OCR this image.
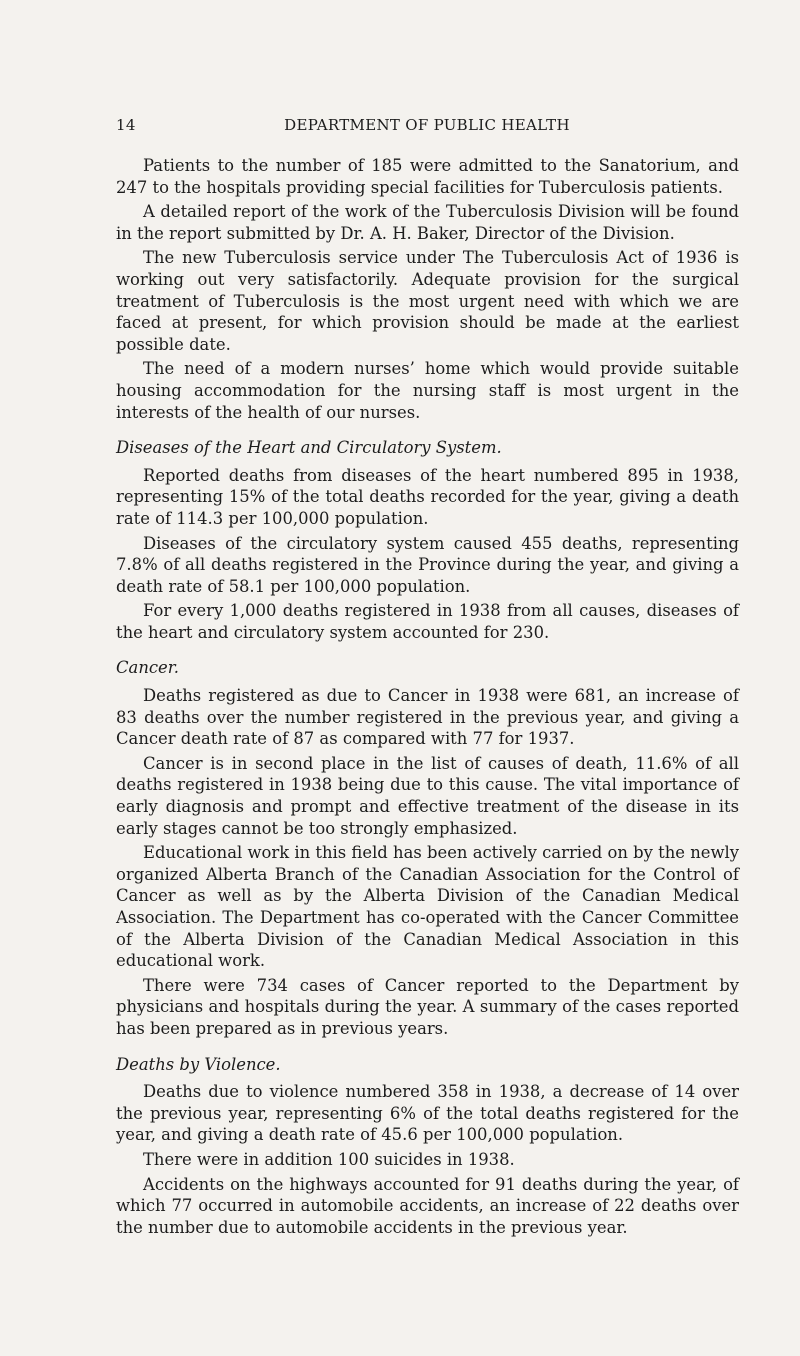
14	DEPARTMENT OF PUBLIC HEALTH

Patients to the number of 185 were admitted to the Sanatorium, and 247 to the hospitals providing special facilities for Tuberculosis patients.

A detailed report of the work of the Tuberculosis Division will be found in the report submitted by Dr. A. H. Baker, Director of the Division.

The new Tuberculosis service under The Tuberculosis Act of 1936 is working out very satisfactorily. Adequate provision for the surgical treatment of Tuberculosis is the most urgent need with which we are faced at present, for which provision should be made at the earliest possible date.

The need of a modern nurses’ home which would provide suitable housing accommodation for the nursing staff is most urgent in the interests of the health of our nurses.

Diseases of the Heart and Circulatory System.

Reported deaths from diseases of the heart numbered 895 in 1938, representing 15% of the total deaths recorded for the year, giving a death rate of 114.3 per 100,000 population.

Diseases of the circulatory system caused 455 deaths, representing 7.8% of all deaths registered in the Province during the year, and giving a death rate of 58.1 per 100,000 population.

For every 1,000 deaths registered in 1938 from all causes, diseases of the heart and circulatory system accounted for 230.

Cancer.

Deaths registered as due to Cancer in 1938 were 681, an increase of 83 deaths over the number registered in the previous year, and giving a Cancer death rate of 87 as compared with 77 for 1937.

Cancer is in second place in the list of causes of death, 11.6% of all deaths registered in 1938 being due to this cause. The vital importance of early diagnosis and prompt and effective treatment of the disease in its early stages cannot be too strongly emphasized.

Educational work in this field has been actively carried on by the newly organized Alberta Branch of the Canadian Association for the Control of Cancer as well as by the Alberta Division of the Canadian Medical Association. The Department has co-operated with the Cancer Committee of the Alberta Division of the Canadian Medical Association in this educational work.

There were 734 cases of Cancer reported to the Department by physicians and hospitals during the year. A summary of the cases reported has been prepared as in previous years.

Deaths by Violence.

Deaths due to violence numbered 358 in 1938, a decrease of 14 over the previous year, representing 6% of the total deaths registered for the year, and giving a death rate of 45.6 per 100,000 population.

There were in addition 100 suicides in 1938.

Accidents on the highways accounted for 91 deaths during the year, of which 77 occurred in automobile accidents, an increase of 22 deaths over the number due to automobile accidents in the previous year.
